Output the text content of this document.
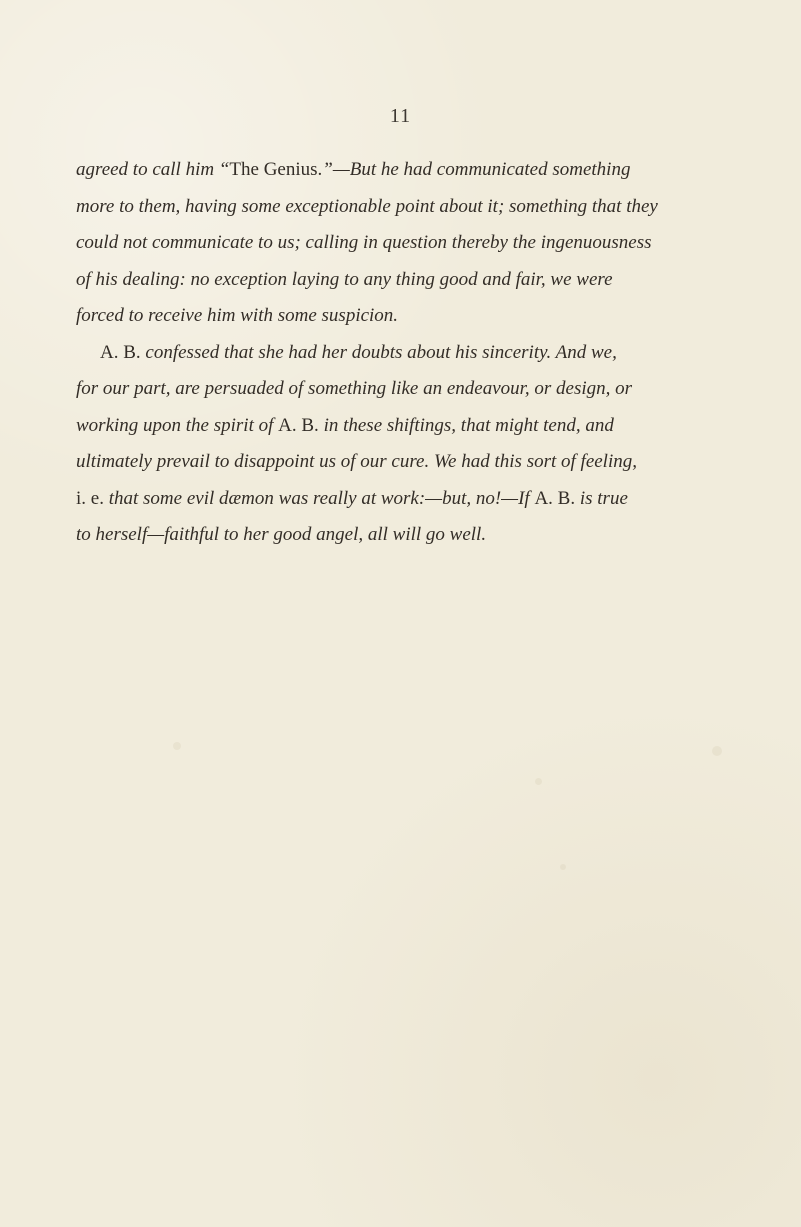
11
agreed to call him “The Genius.”—But he had communicated something
more to them, having some exceptionable point about it; something that they
could not communicate to us; calling in question thereby the ingenuousness
of his dealing: no exception laying to any thing good and fair, we were
forced to receive him with some suspicion.
A. B. confessed that she had her doubts about his sincerity. And we,
for our part, are persuaded of something like an endeavour, or design, or
working upon the spirit of A. B. in these shiftings, that might tend, and
ultimately prevail to disappoint us of our cure. We had this sort of feeling,
i. e. that some evil dæmon was really at work:—but, no!—If A. B. is true
to herself—faithful to her good angel, all will go well.
